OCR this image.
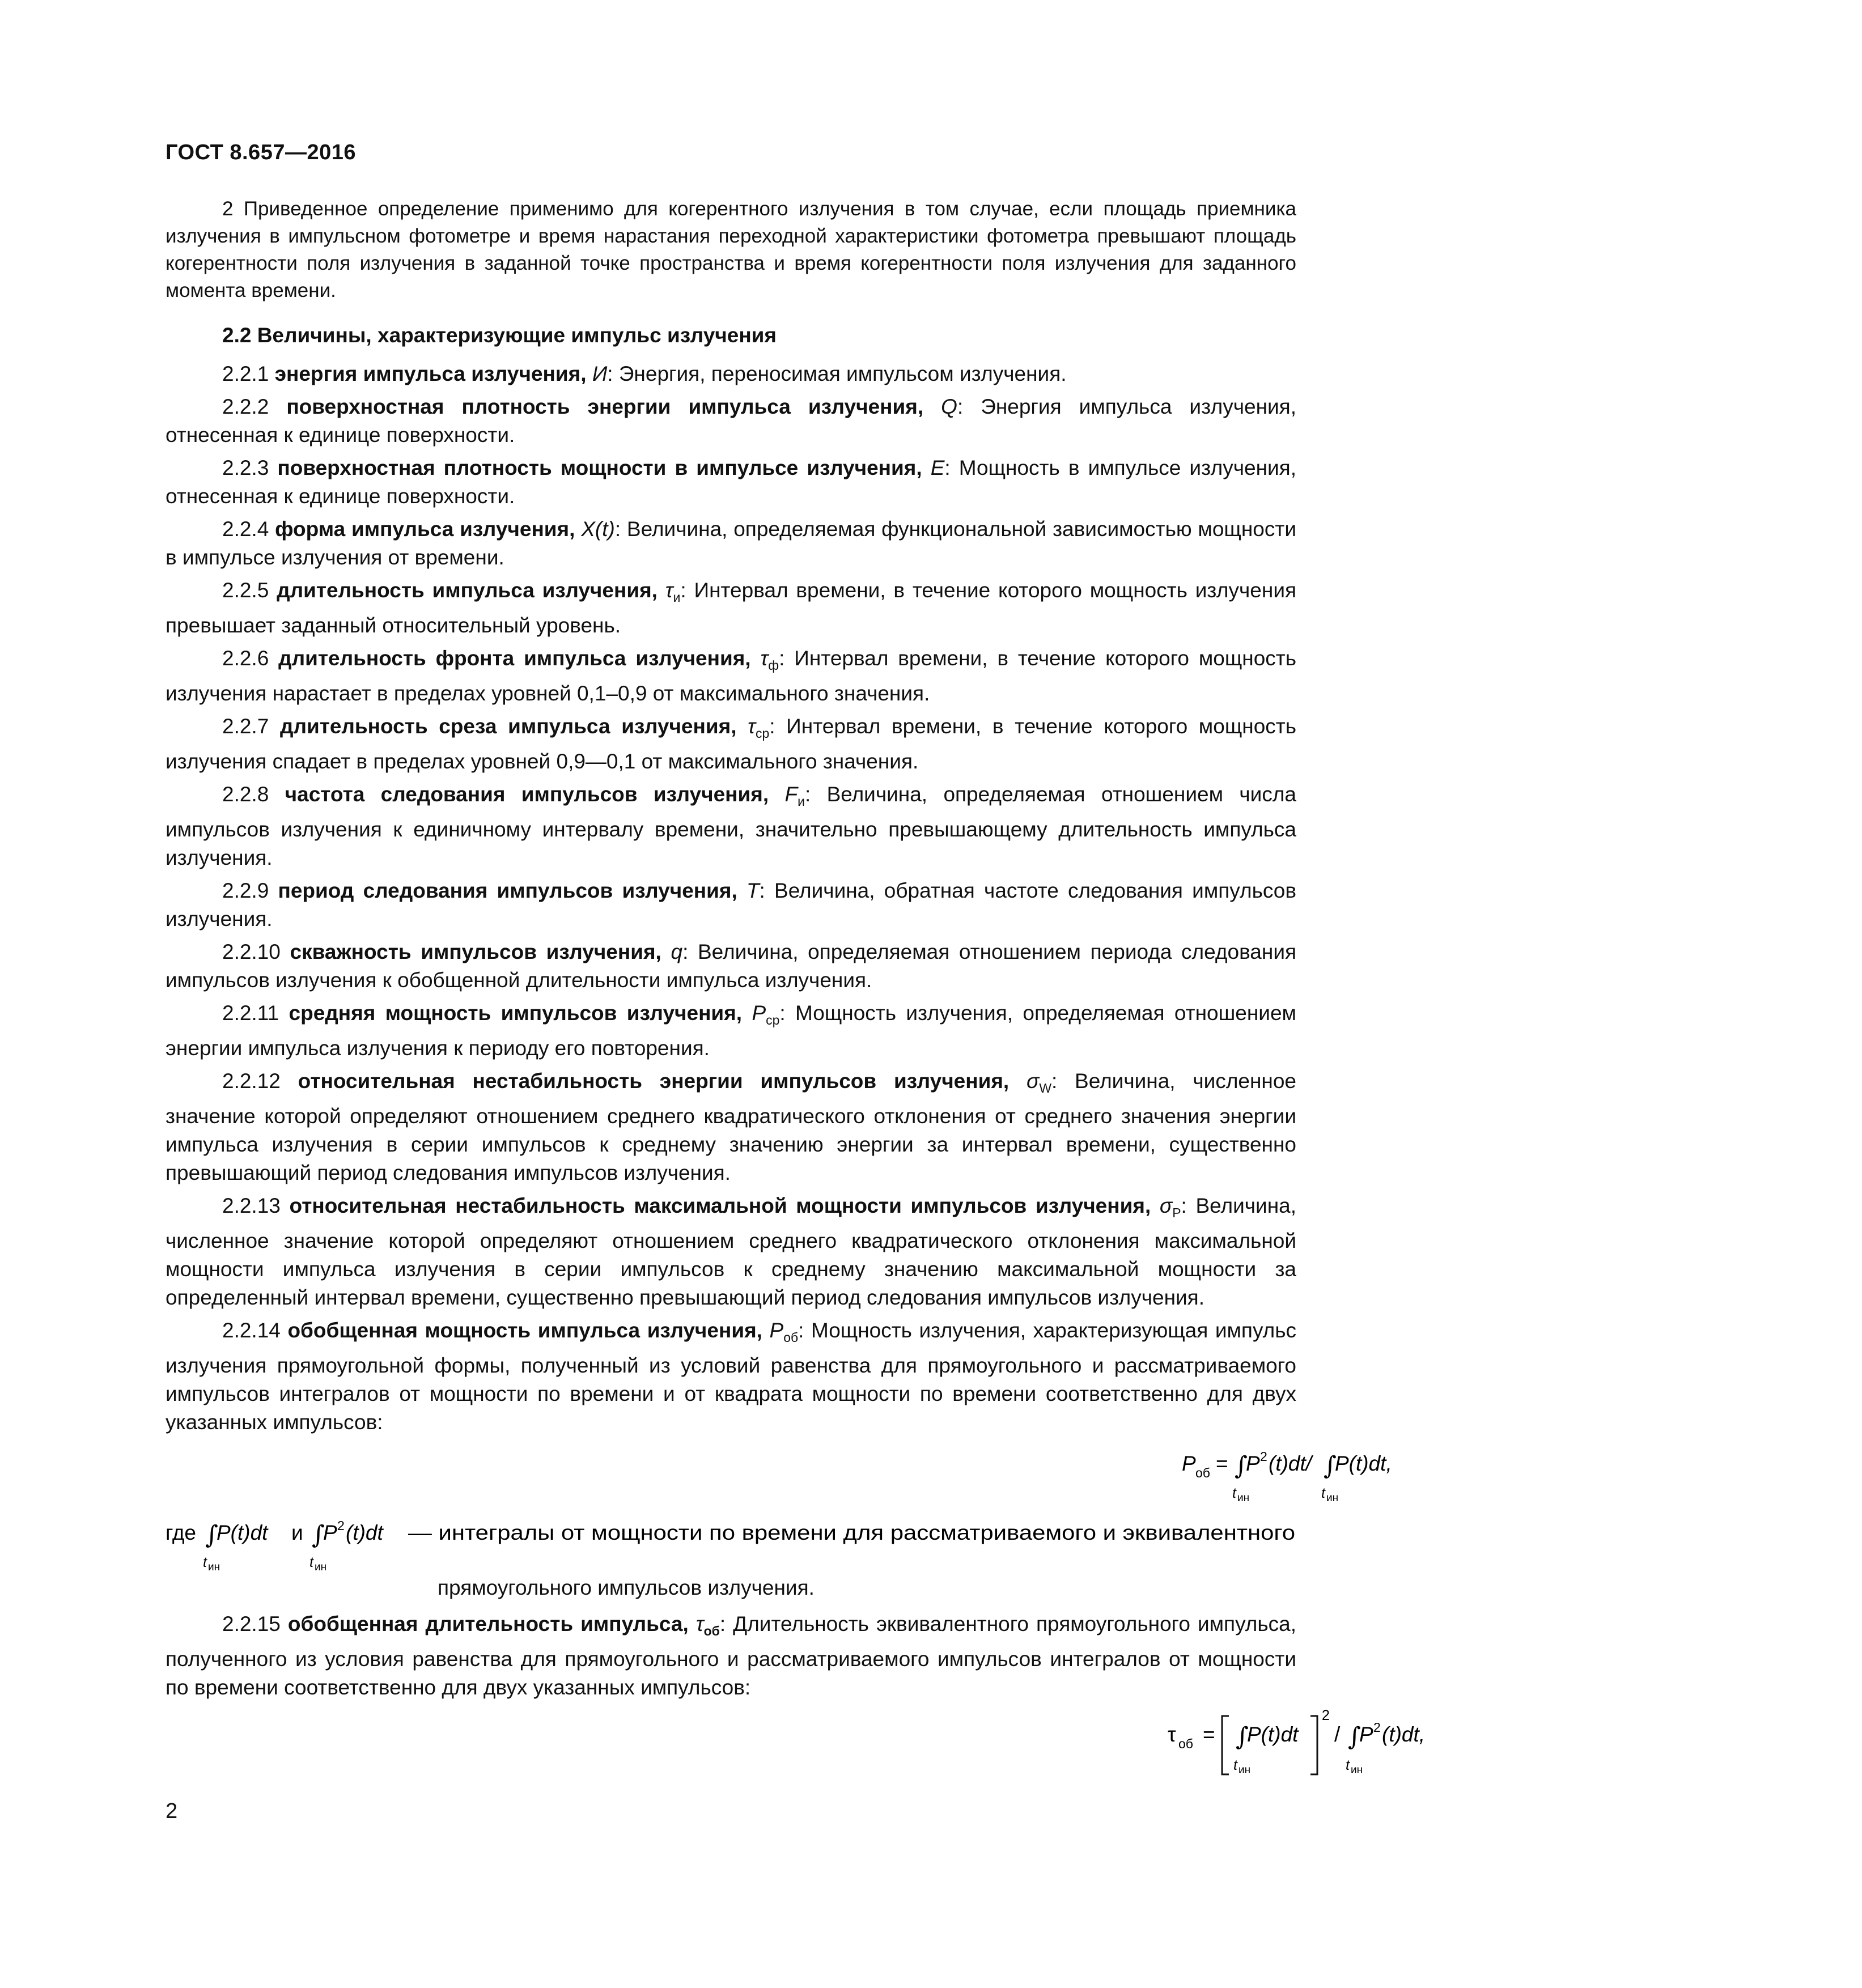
ГОСТ 8.657—2016

2 Приведенное определение применимо для когерентного излучения в том случае, если площадь приемника излучения в импульсном фотометре и время нарастания переходной характеристики фотометра превышают площадь когерентности поля излучения в заданной точке пространства и время когерентности поля излучения для заданного момента времени.

2.2 Величины, характеризующие импульс излучения

2.2.1 энергия импульса излучения, И: Энергия, переносимая импульсом излучения.

2.2.2 поверхностная плотность энергии импульса излучения, Q: Энергия импульса излучения, отнесенная к единице поверхности.

2.2.3 поверхностная плотность мощности в импульсе излучения, E: Мощность в импульсе излучения, отнесенная к единице поверхности.

2.2.4 форма импульса излучения, X(t): Величина, определяемая функциональной зависимостью мощности в импульсе излучения от времени.

2.2.5 длительность импульса излучения, $\tau_и$: Интервал времени, в течение которого мощность излучения превышает заданный относительный уровень.

2.2.6 длительность фронта импульса излучения, $\tau_ф$: Интервал времени, в течение которого мощность излучения нарастает в пределах уровней 0,1–0,9 от максимального значения.

2.2.7 длительность среза импульса излучения, $\tau_{ср}$: Интервал времени, в течение которого мощность излучения спадает в пределах уровней 0,9—0,1 от максимального значения.

2.2.8 частота следования импульсов излучения, $F_и$: Величина, определяемая отношением числа импульсов излучения к единичному интервалу времени, значительно превышающему длительность импульса излучения.

2.2.9 период следования импульсов излучения, T: Величина, обратная частоте следования импульсов излучения.

2.2.10 скважность импульсов излучения, q: Величина, определяемая отношением периода следования импульсов излучения к обобщенной длительности импульса излучения.

2.2.11 средняя мощность импульсов излучения, $P_{ср}$: Мощность излучения, определяемая отношением энергии импульса излучения к периоду его повторения.

2.2.12 относительная нестабильность энергии импульсов излучения, $\sigma_W$: Величина, численное значение которой определяют отношением среднего квадратического отклонения от среднего значения энергии импульса излучения в серии импульсов к среднему значению энергии за интервал времени, существенно превышающий период следования импульсов излучения.

2.2.13 относительная нестабильность максимальной мощности импульсов излучения, $\sigma_P$: Величина, численное значение которой определяют отношением среднего квадратического отклонения максимальной мощности импульса излучения в серии импульсов к среднему значению максимальной мощности за определенный интервал времени, существенно превышающий период следования импульсов излучения.

2.2.14 обобщенная мощность импульса излучения, $P_{об}$: Мощность излучения, характеризующая импульс излучения прямоугольной формы, полученный из условий равенства для прямоугольного и рассматриваемого импульсов интегралов от мощности по времени и от квадрата мощности по времени соответственно для двух указанных импульсов:

P об = ∫
P 2 (t)dt/ ∫
P(t)dt,
t ин	t ин
где ∫
P(t)dt
t ин
и ∫
P 2 (t)dt
t ин
— интегралы от мощности по времени для рассматриваемого и эквивалентного
прямоугольного импульсов излучения.

2.2.15 обобщенная длительность импульса, $\tau_{об}$: Длительность эквивалентного прямоугольного импульса, полученного из условия равенства для прямоугольного и рассматриваемого импульсов интегралов от мощности по времени соответственно для двух указанных импульсов:

τ об = ∫
P(t)dt
t ин
2
/ ∫
P 2 (t)dt,
t ин
2
